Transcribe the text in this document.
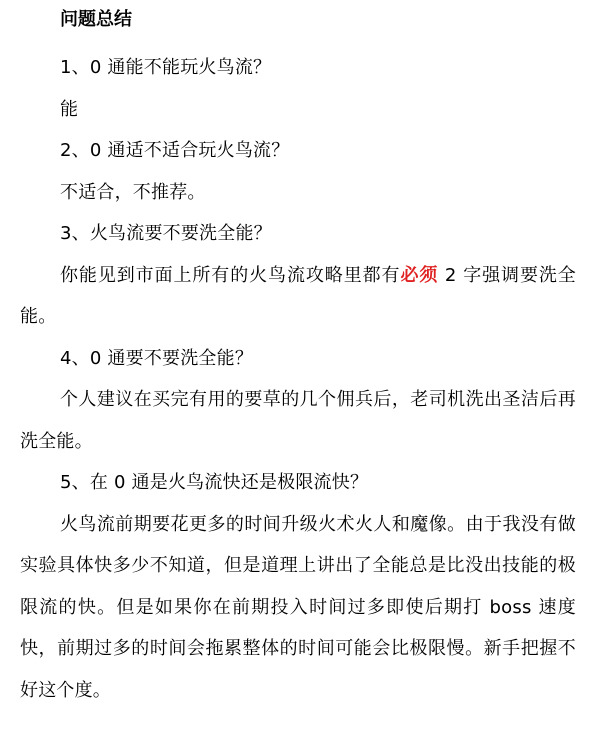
问题总结

1、0 通能不能玩火鸟流？

能

2、0 通适不适合玩火鸟流？

不适合，不推荐。

3、火鸟流要不要洗全能？

你能见到市面上所有的火鸟流攻略里都有必须 2 字强调要洗全能。

4、0 通要不要洗全能？

个人建议在买完有用的要草的几个佣兵后，老司机洗出圣洁后再洗全能。

5、在 0 通是火鸟流快还是极限流快？

火鸟流前期要花更多的时间升级火术火人和魔像。由于我没有做实验具体快多少不知道，但是道理上讲出了全能总是比没出技能的极限流的快。但是如果你在前期投入时间过多即使后期打 boss 速度快，前期过多的时间会拖累整体的时间可能会比极限慢。新手把握不好这个度。
